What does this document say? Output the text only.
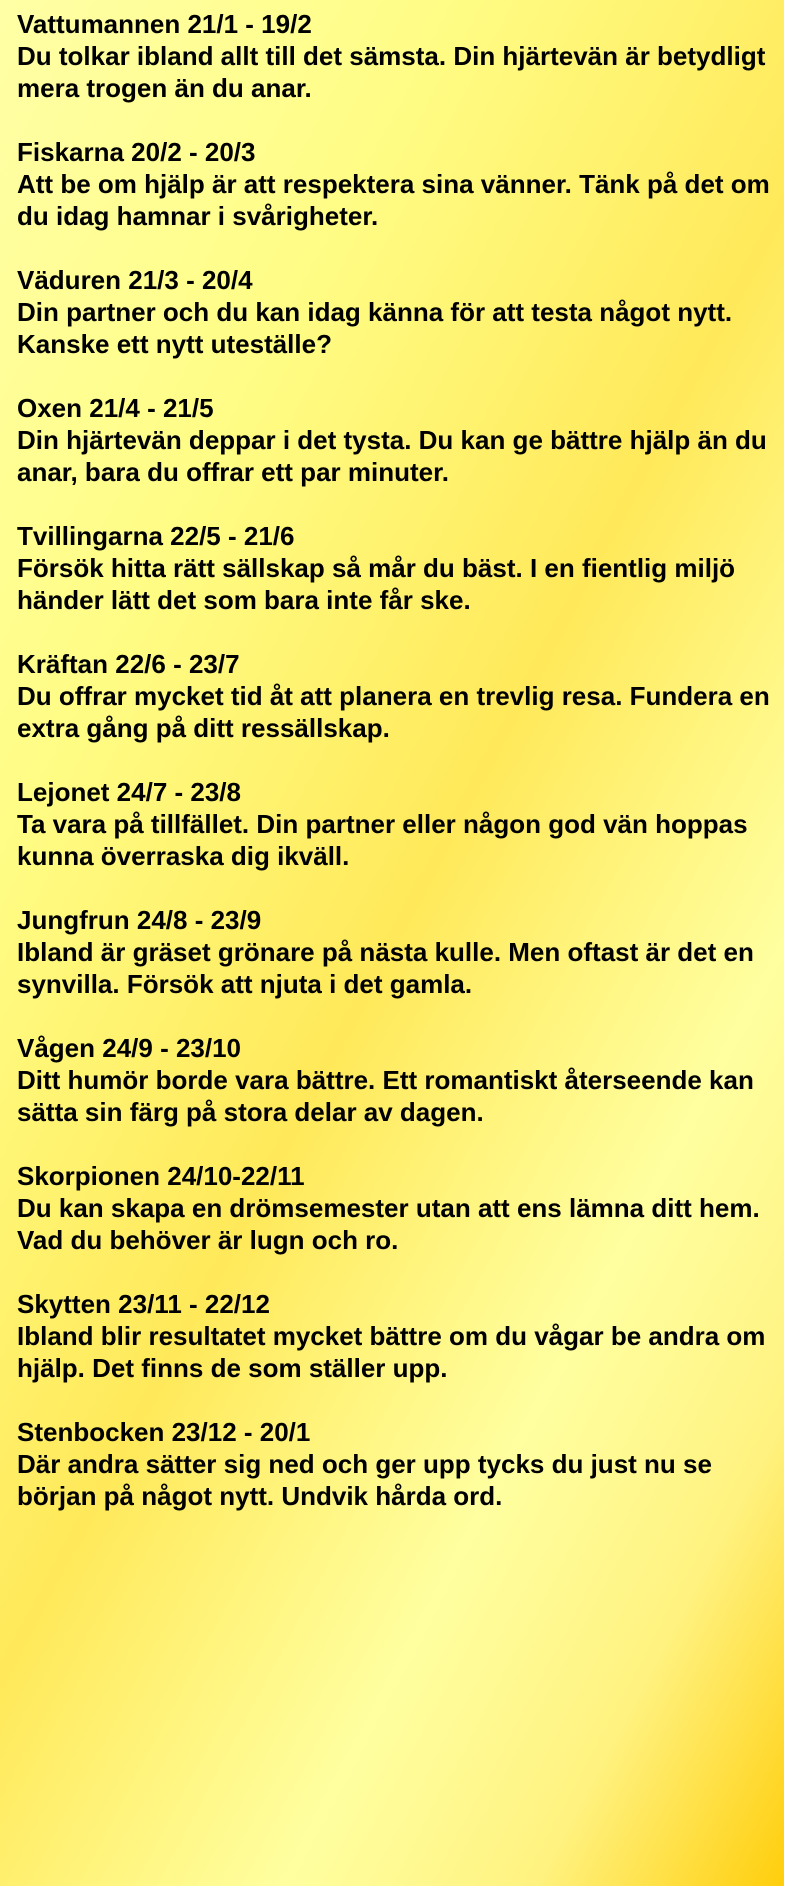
Vattumannen 21/1 - 19/2
Du tolkar ibland allt till det sämsta. Din hjärtevän är betydligt mera trogen än du anar.
Fiskarna 20/2 - 20/3
Att be om hjälp är att respektera sina vänner. Tänk på det om du idag hamnar i svårigheter.
Väduren 21/3 - 20/4
Din partner och du kan idag känna för att testa något nytt. Kanske ett nytt uteställe?
Oxen 21/4 - 21/5
Din hjärtevän deppar i det tysta. Du kan ge bättre hjälp än du anar, bara du offrar ett par minuter.
Tvillingarna 22/5 - 21/6
Försök hitta rätt sällskap så mår du bäst. I en fientlig miljö händer lätt det som bara inte får ske.
Kräftan 22/6 - 23/7
Du offrar mycket tid åt att planera en trevlig resa. Fundera en extra gång på ditt ressällskap.
Lejonet 24/7 - 23/8
Ta vara på tillfället. Din partner eller någon god vän hoppas kunna överraska dig ikväll.
Jungfrun 24/8 - 23/9
Ibland är gräset grönare på nästa kulle. Men oftast är det en synvilla. Försök att njuta i det gamla.
Vågen 24/9 - 23/10
Ditt humör borde vara bättre. Ett romantiskt återseende kan sätta sin färg på stora delar av dagen.
Skorpionen 24/10-22/11
Du kan skapa en drömsemester utan att ens lämna ditt hem. Vad du behöver är lugn och ro.
Skytten 23/11 - 22/12
Ibland blir resultatet mycket bättre om du vågar be andra om hjälp. Det finns de som ställer upp.
Stenbocken 23/12 - 20/1
Där andra sätter sig ned och ger upp tycks du just nu se början på något nytt. Undvik hårda ord.
